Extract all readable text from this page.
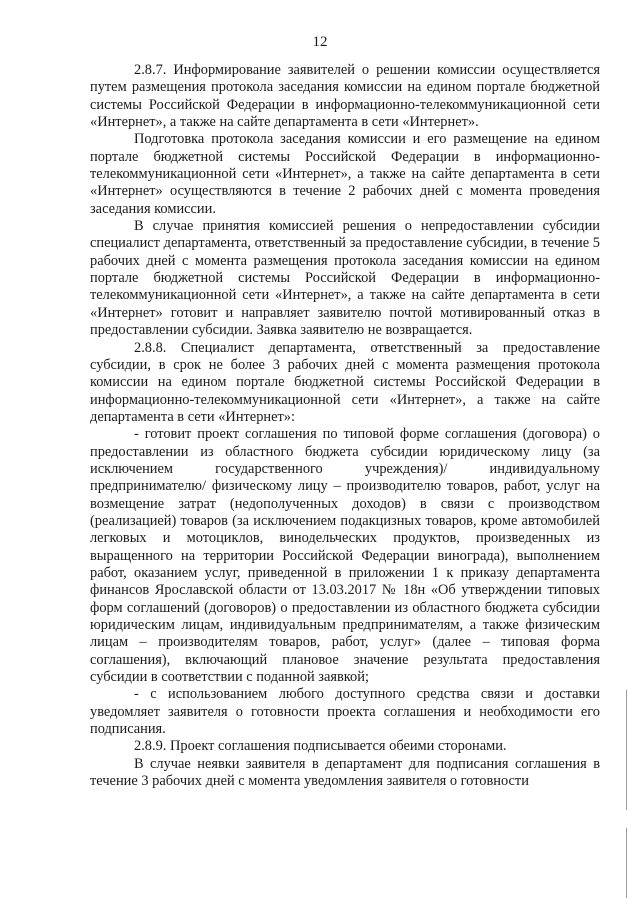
12

2.8.7. Информирование заявителей о решении комиссии осуществляется путем размещения протокола заседания комиссии на едином портале бюджетной системы Российской Федерации в информационно-телекоммуникационной сети «Интернет», а также на сайте департамента в сети «Интернет».

Подготовка протокола заседания комиссии и его размещение на едином портале бюджетной системы Российской Федерации в информационно-телекоммуникационной сети «Интернет», а также на сайте департамента в сети «Интернет» осуществляются в течение 2 рабочих дней с момента проведения заседания комиссии.

В случае принятия комиссией решения о непредоставлении субсидии специалист департамента, ответственный за предоставление субсидии, в течение 5 рабочих дней с момента размещения протокола заседания комиссии на едином портале бюджетной системы Российской Федерации в информационно-телекоммуникационной сети «Интернет», а также на сайте департамента в сети «Интернет» готовит и направляет заявителю почтой мотивированный отказ в предоставлении субсидии. Заявка заявителю не возвращается.

2.8.8. Специалист департамента, ответственный за предоставление субсидии, в срок не более 3 рабочих дней с момента размещения протокола комиссии на едином портале бюджетной системы Российской Федерации в информационно-телекоммуникационной сети «Интернет», а также на сайте департамента в сети «Интернет»:

- готовит проект соглашения по типовой форме соглашения (договора) о предоставлении из областного бюджета субсидии юридическому лицу (за исключением государственного учреждения)/ индивидуальному предпринимателю/ физическому лицу – производителю товаров, работ, услуг на возмещение затрат (недополученных доходов) в связи с производством (реализацией) товаров (за исключением подакцизных товаров, кроме автомобилей легковых и мотоциклов, винодельческих продуктов, произведенных из выращенного на территории Российской Федерации винограда), выполнением работ, оказанием услуг, приведенной в приложении 1 к приказу департамента финансов Ярославской области от 13.03.2017 № 18н «Об утверждении типовых форм соглашений (договоров) о предоставлении из областного бюджета субсидии юридическим лицам, индивидуальным предпринимателям, а также физическим лицам – производителям товаров, работ, услуг» (далее – типовая форма соглашения), включающий плановое значение результата предоставления субсидии в соответствии с поданной заявкой;

- с использованием любого доступного средства связи и доставки уведомляет заявителя о готовности проекта соглашения и необходимости его подписания.

2.8.9. Проект соглашения подписывается обеими сторонами.

В случае неявки заявителя в департамент для подписания соглашения в течение 3 рабочих дней с момента уведомления заявителя о готовности
